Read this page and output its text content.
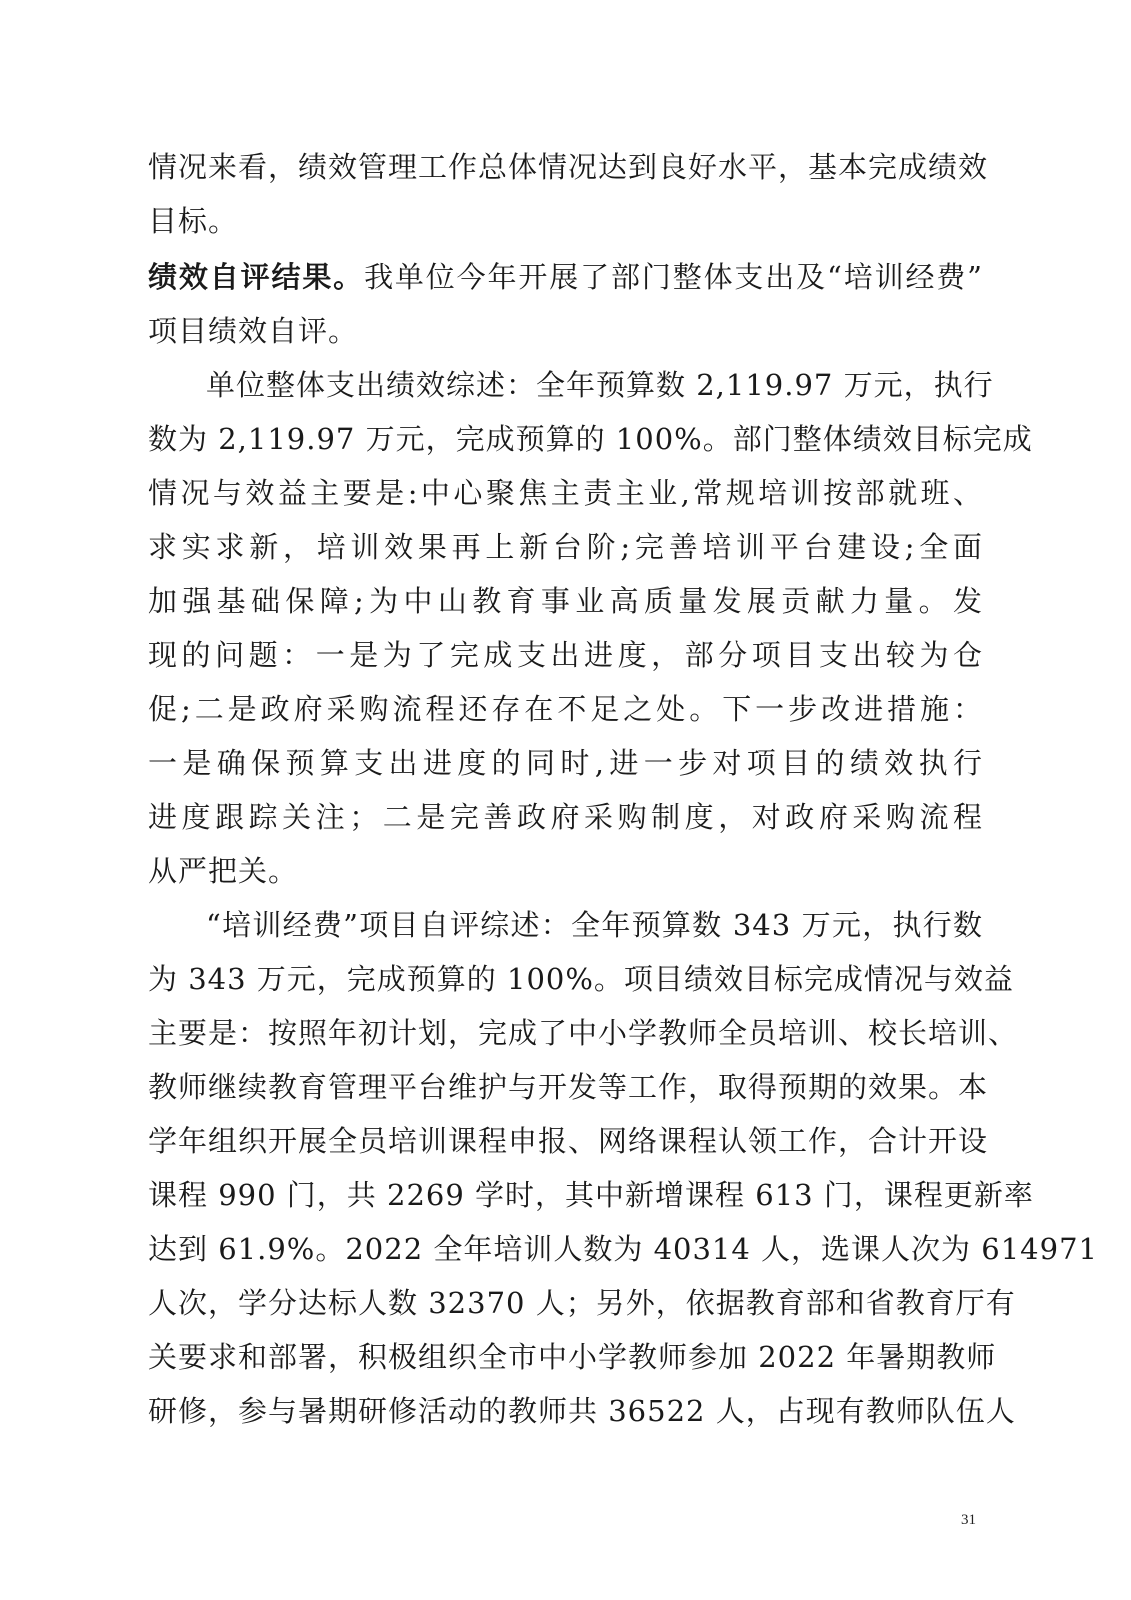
情况来看，绩效管理工作总体情况达到良好水平，基本完成绩效
目标。
绩效自评结果。我单位今年开展了部门整体支出及“培训经费”
项目绩效自评。
单位整体支出绩效综述：全年预算数 2,119.97 万元，执行
数为 2,119.97 万元，完成预算的 100%。部门整体绩效目标完成
情况与效益主要是:中心聚焦主责主业,常规培训按部就班、
求实求新，培训效果再上新台阶;完善培训平台建设;全面
加强基础保障;为中山教育事业高质量发展贡献力量。发
现的问题：一是为了完成支出进度，部分项目支出较为仓
促;二是政府采购流程还存在不足之处。下一步改进措施：
一是确保预算支出进度的同时,进一步对项目的绩效执行
进度跟踪关注；二是完善政府采购制度，对政府采购流程
从严把关。
“培训经费”项目自评综述：全年预算数 343 万元，执行数
为 343 万元，完成预算的 100%。项目绩效目标完成情况与效益
主要是：按照年初计划，完成了中小学教师全员培训、校长培训、
教师继续教育管理平台维护与开发等工作，取得预期的效果。本
学年组织开展全员培训课程申报、网络课程认领工作，合计开设
课程 990 门，共 2269 学时，其中新增课程 613 门，课程更新率
达到 61.9%。2022 全年培训人数为 40314 人，选课人次为 614971
人次，学分达标人数 32370 人；另外，依据教育部和省教育厅有
关要求和部署，积极组织全市中小学教师参加 2022 年暑期教师
研修，参与暑期研修活动的教师共 36522 人，占现有教师队伍人
31
